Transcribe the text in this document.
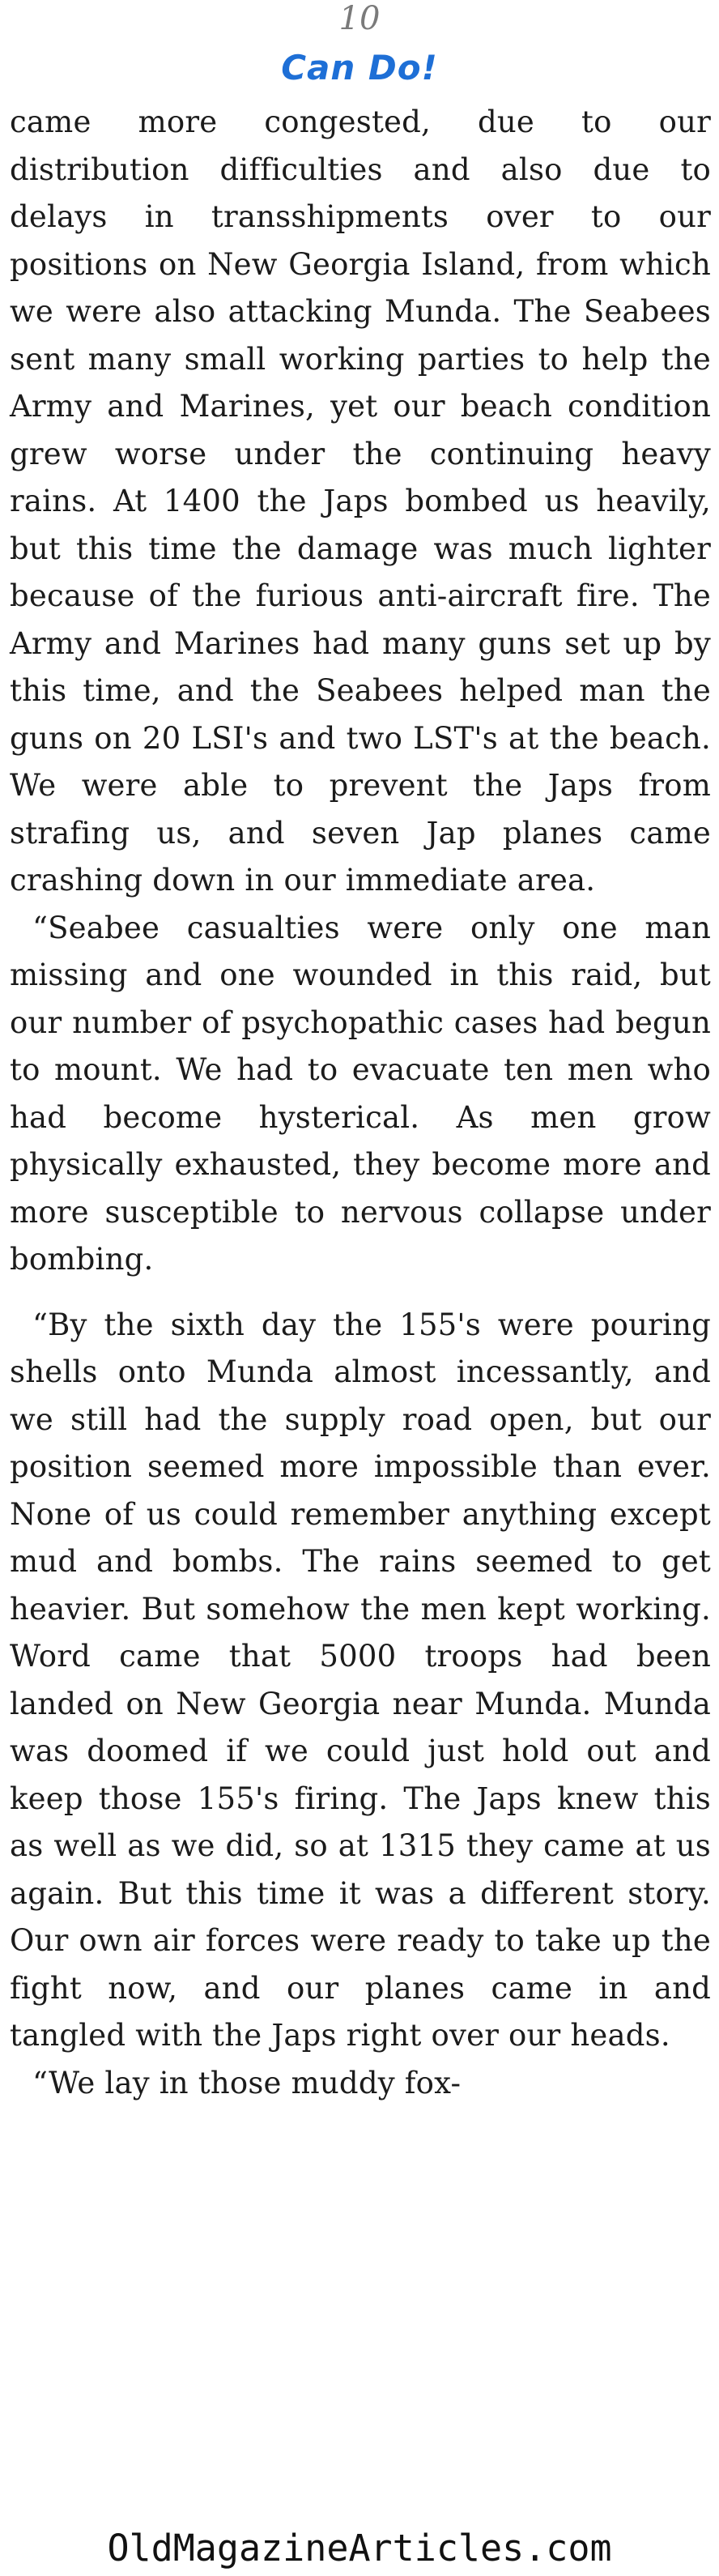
10
Can Do!

came more congested, due to our distribution difficulties and also due to delays in transshipments over to our positions on New Georgia Island, from which we were also attacking Munda. The Seabees sent many small working parties to help the Army and Marines, yet our beach condition grew worse under the continuing heavy rains. At 1400 the Japs bombed us heavily, but this time the damage was much lighter because of the furious anti-aircraft fire. The Army and Marines had many guns set up by this time, and the Seabees helped man the guns on 20 LSI's and two LST's at the beach. We were able to prevent the Japs from strafing us, and seven Jap planes came crashing down in our immediate area.

“Seabee casualties were only one man missing and one wounded in this raid, but our number of psychopathic cases had begun to mount. We had to evacuate ten men who had become hysterical. As men grow physically exhausted, they become more and more susceptible to nervous collapse under bombing.

“By the sixth day the 155's were pouring shells onto Munda almost incessantly, and we still had the supply road open, but our position seemed more impossible than ever. None of us could remember anything except mud and bombs. The rains seemed to get heavier. But somehow the men kept working. Word came that 5000 troops had been landed on New Georgia near Munda. Munda was doomed if we could just hold out and keep those 155's firing. The Japs knew this as well as we did, so at 1315 they came at us again. But this time it was a different story. Our own air forces were ready to take up the fight now, and our planes came in and tangled with the Japs right over our heads.

“We lay in those muddy fox-

OldMagazineArticles.com
